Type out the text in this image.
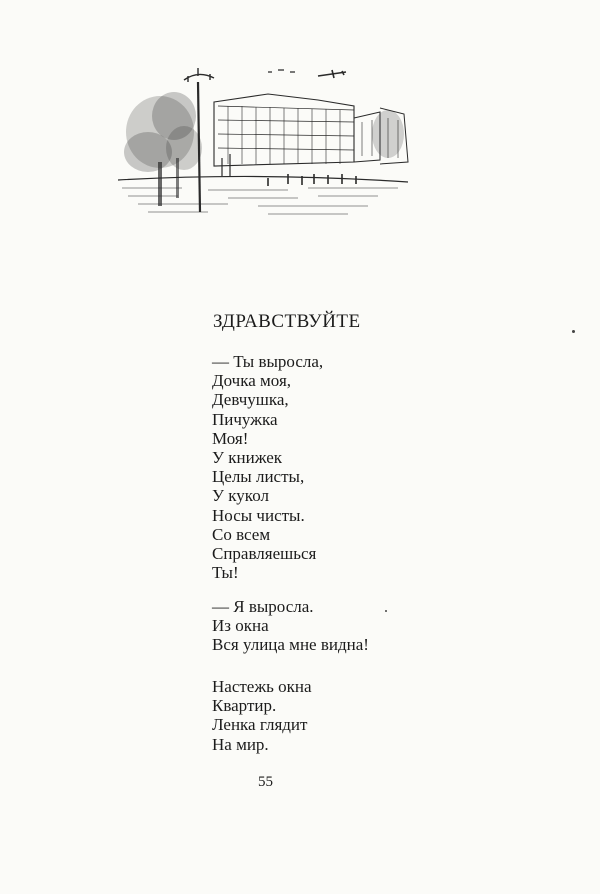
ЗДРАВСТВУЙТЕ
— Ты выросла,
Дочка моя,
Девчушка,
Пичужка
Моя!
У книжек
Целы листы,
У кукол
Носы чисты.
Со всем
Справляешься
Ты!
— Я выросла.
Из окна
Вся улица мне видна!
Настежь окна
Квартир.
Ленка глядит
На мир.
55
